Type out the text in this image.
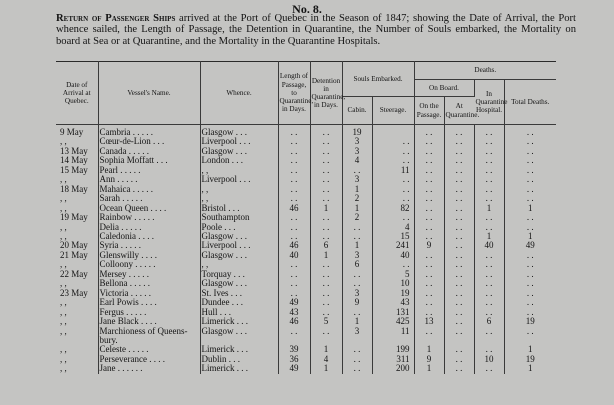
No. 8.
Return of Passenger Ships arrived at the Port of Quebec in the Season of 1847; showing the Date of Arrival, the Port whence sailed, the Length of Passage, the Detention in Quarantine, the Number of Souls embarked, the Mortality on board at Sea or at Quarantine, and the Mortality in the Quarantine Hospitals.
Date of Arrival at Quebec.	Vessel's Name.	Whence.	Length of Passage, to Quarantine, in Days.	Detention in Quarantine, in Days.	Souls Embarked.		Deaths.			
							On Board.		In Quarantine Hospital.	Total Deaths.
					Cabin.	Steerage.	On the Passage.	At Quarantine.		
9 May	Cambria . . . . .	Glasgow . . .	. .	. .	19		. .	. .	. .	. .
, ,	Cœur-de-Lion . . .	Liverpool . . .	. .	. .	3	. .	. .	. .	. .	. .
13 May	Canada . . . . .	Glasgow . . .	. .	. .	3	. .	. .	. .	. .	. .
14 May	Sophia Moffatt . . .	London . . .	. .	. .	4	. .	. .	. .	. .	. .
15 May	Pearl . . . . .	, ,	. .	. .	. .	11	. .	. .	. .	. .
, ,	Ann . . . . .	Liverpool . . .	. .	. .	3	. .	. .	. .	. .	. .
18 May	Mahaica . . . . .	, ,	. .	. .	1	. .	. .	. .	. .	. .
, ,	Sarah . . . . .	, ,	. .	. .	2	. .	. .	. .	. .	. .
, ,	Ocean Queen . . . .	Bristol . . .	46	1	1	82	. .	. .	1	1
19 May	Rainbow . . . . .	Southampton	. .	. .	2	. .	. .	. .	. .	. .
, ,	Delia . . . . .	Poole . . .	. .	. .	. .	4	. .	. .	. .	. .
, ,	Caledonia . . . .	Glasgow . . .	. .	. .	. .	15	. .	. .	1	1
20 May	Syria . . . . .	Liverpool . . .	46	6	1	241	9	. .	40	49
21 May	Glenswilly . . . .	Glasgow . . .	40	1	3	40	. .	. .	. .	. .
, ,	Colloony . . . . .	, ,	. .	. .	6	. .	. .	. .	. .	. .
22 May	Mersey . . . . .	Torquay . . .	. .	. .	. .	5	. .	. .	. .	. .
, ,	Bellona . . . . .	Glasgow . . .	. .	. .	. .	10	. .	. .	. .	. .
23 May	Victoria . . . . .	St. Ives . . .	. .	. .	3	19	. .	. .	. .	. .
, ,	Earl Powis . . . .	Dundee . . .	49	. .	9	43	. .	. .	. .	. .
, ,	Fergus . . . . .	Hull . . .	43	. .	. .	131	. .	. .	. .	. .
, ,	Jane Black . . . .	Limerick . . .	46	5	1	425	13	. .	6	19
, ,	Marchioness of Queens-	Glasgow . . .	. .	. .	3	11	. .	. .	. .	. .
	bury.									
, ,	Celeste . . . . .	Limerick . . .	39	1	. .	199	1	. .	. .	1
, ,	Perseverance . . . .	Dublin . . .	36	4	. .	311	9	. .	10	19
, ,	Jane . . . . . .	Limerick . . .	49	1	. .	200	1	. .	. .	1
